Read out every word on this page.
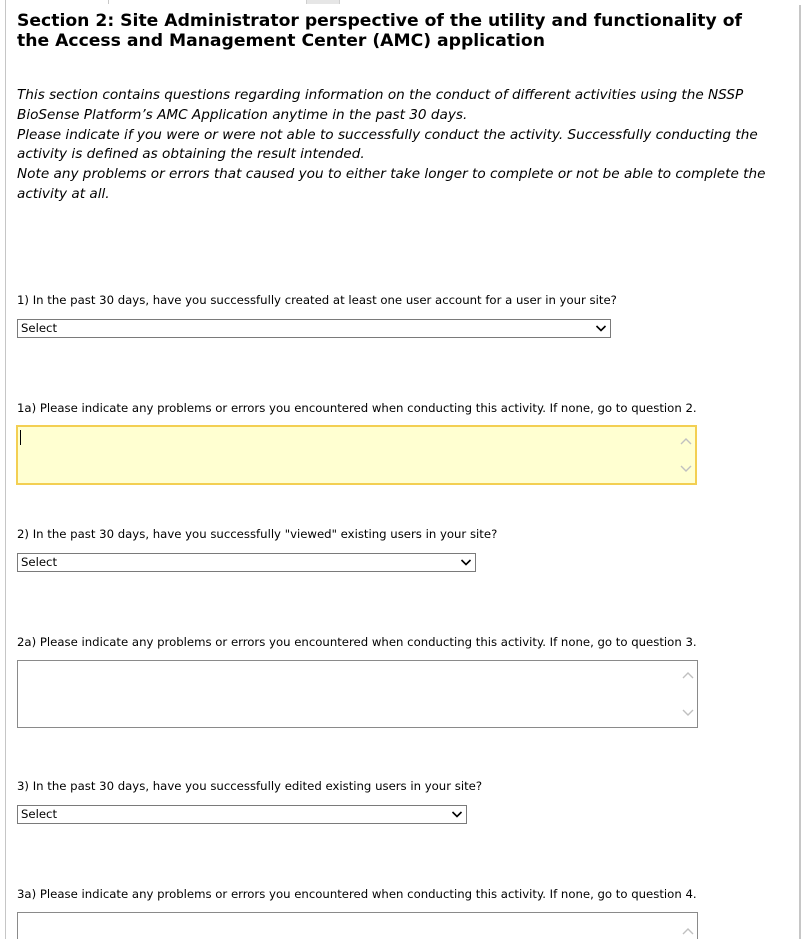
Section 2: Site Administrator perspective of the utility and functionality of the Access and Management Center (AMC) application

This section contains questions regarding information on the conduct of different activities using the NSSP BioSense Platform’s AMC Application anytime in the past 30 days.

Please indicate if you were or were not able to successfully conduct the activity. Successfully conducting the activity is defined as obtaining the result intended.

Note any problems or errors that caused you to either take longer to complete or not be able to complete the activity at all.

1) In the past 30 days, have you successfully created at least one user account for a user in your site?
Select
1a) Please indicate any problems or errors you encountered when conducting this activity. If none, go to question 2.
2) In the past 30 days, have you successfully "viewed" existing users in your site?
Select
2a) Please indicate any problems or errors you encountered when conducting this activity. If none, go to question 3.
3) In the past 30 days, have you successfully edited existing users in your site?
Select
3a) Please indicate any problems or errors you encountered when conducting this activity. If none, go to question 4.
